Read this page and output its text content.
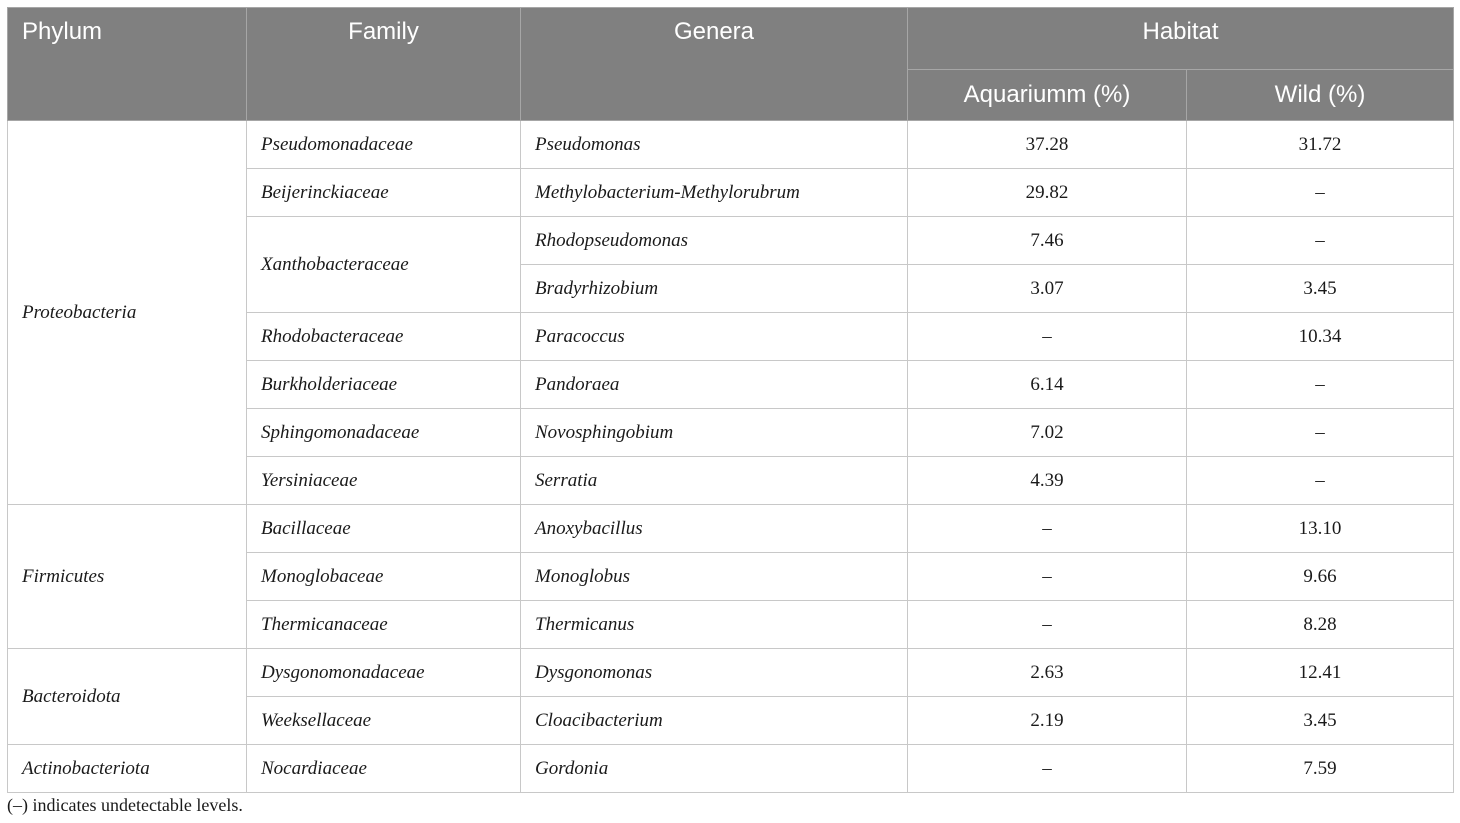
Phylum	Family	Genera	Habitat	
			Aquariumm (%)	Wild (%)
Proteobacteria	Pseudomonadaceae	Pseudomonas	37.28	31.72
	Beijerinckiaceae	Methylobacterium-Methylorubrum	29.82	–
	Xanthobacteraceae	Rhodopseudomonas	7.46	–
		Bradyrhizobium	3.07	3.45
	Rhodobacteraceae	Paracoccus	–	10.34
	Burkholderiaceae	Pandoraea	6.14	–
	Sphingomonadaceae	Novosphingobium	7.02	–
	Yersiniaceae	Serratia	4.39	–
Firmicutes	Bacillaceae	Anoxybacillus	–	13.10
	Monoglobaceae	Monoglobus	–	9.66
	Thermicanaceae	Thermicanus	–	8.28
Bacteroidota	Dysgonomonadaceae	Dysgonomonas	2.63	12.41
	Weeksellaceae	Cloacibacterium	2.19	3.45
Actinobacteriota	Nocardiaceae	Gordonia	–	7.59
(–) indicates undetectable levels.
